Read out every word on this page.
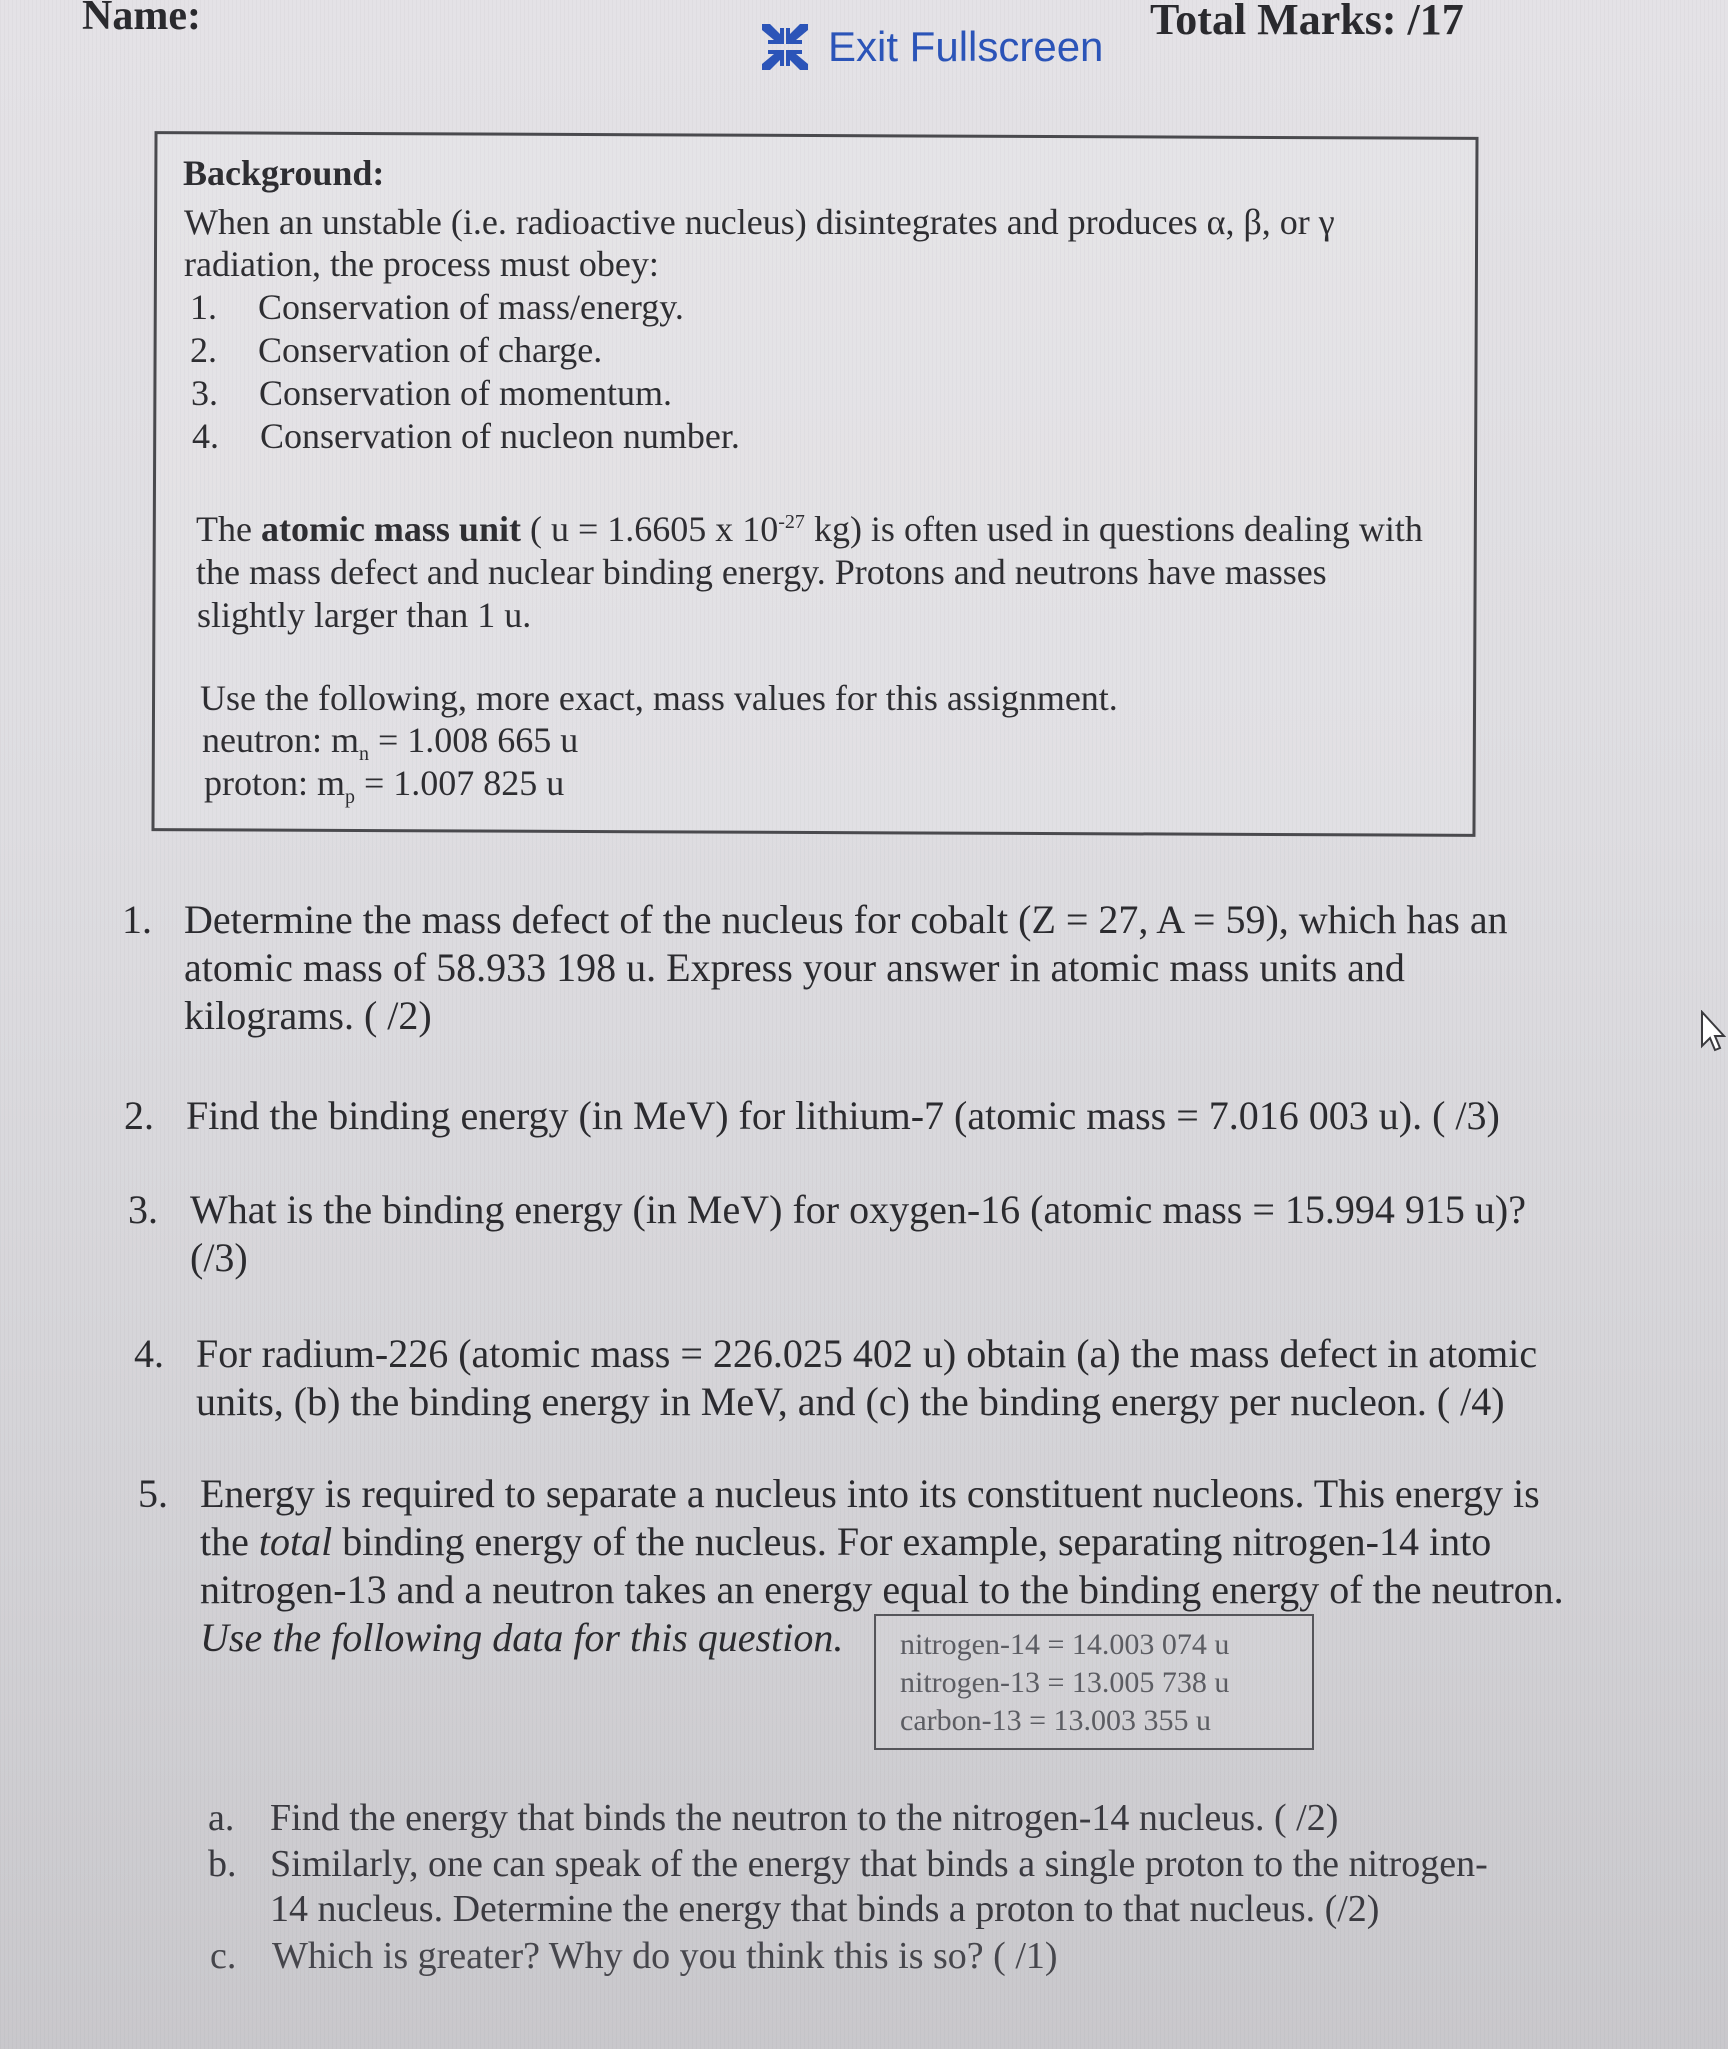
Name:
Exit Fullscreen
Total Marks: /17
Background:
When an unstable (i.e. radioactive nucleus) disintegrates and produces α, β, or γ
radiation, the process must obey:
1.	Conservation of mass/energy.
2.	Conservation of charge.
3.	Conservation of momentum.
4.	Conservation of nucleon number.
The atomic mass unit ( u = 1.6605 x $10^{-27}$ kg) is often used in questions dealing with
the mass defect and nuclear binding energy. Protons and neutrons have masses
slightly larger than 1 u.
Use the following, more exact, mass values for this assignment.
neutron: $m_n = 1.008$ 665 u
proton: $m_p = 1.007$ 825 u
1. Determine the mass defect of the nucleus for cobalt (Z = 27, A = 59), which has an
atomic mass of 58.933 198 u. Express your answer in atomic mass units and
kilograms. ( /2)
2. Find the binding energy (in MeV) for lithium-7 (atomic mass = 7.016 003 u). ( /3)
3. What is the binding energy (in MeV) for oxygen-16 (atomic mass = 15.994 915 u)?
(/3)
4. For radium-226 (atomic mass = 226.025 402 u) obtain (a) the mass defect in atomic
units, (b) the binding energy in MeV, and (c) the binding energy per nucleon. ( /4)
5. Energy is required to separate a nucleus into its constituent nucleons. This energy is
the total binding energy of the nucleus. For example, separating nitrogen-14 into
nitrogen-13 and a neutron takes an energy equal to the binding energy of the neutron.
Use the following data for this question.	nitrogen-14 = 14.003 074 u
nitrogen-13 = 13.005 738 u
carbon-13 = 13.003 355 u
a. Find the energy that binds the neutron to the nitrogen-14 nucleus. ( /2)
b. Similarly, one can speak of the energy that binds a single proton to the nitrogen-
14 nucleus. Determine the energy that binds a proton to that nucleus. (/2)
c. Which is greater? Why do you think this is so? ( /1)
